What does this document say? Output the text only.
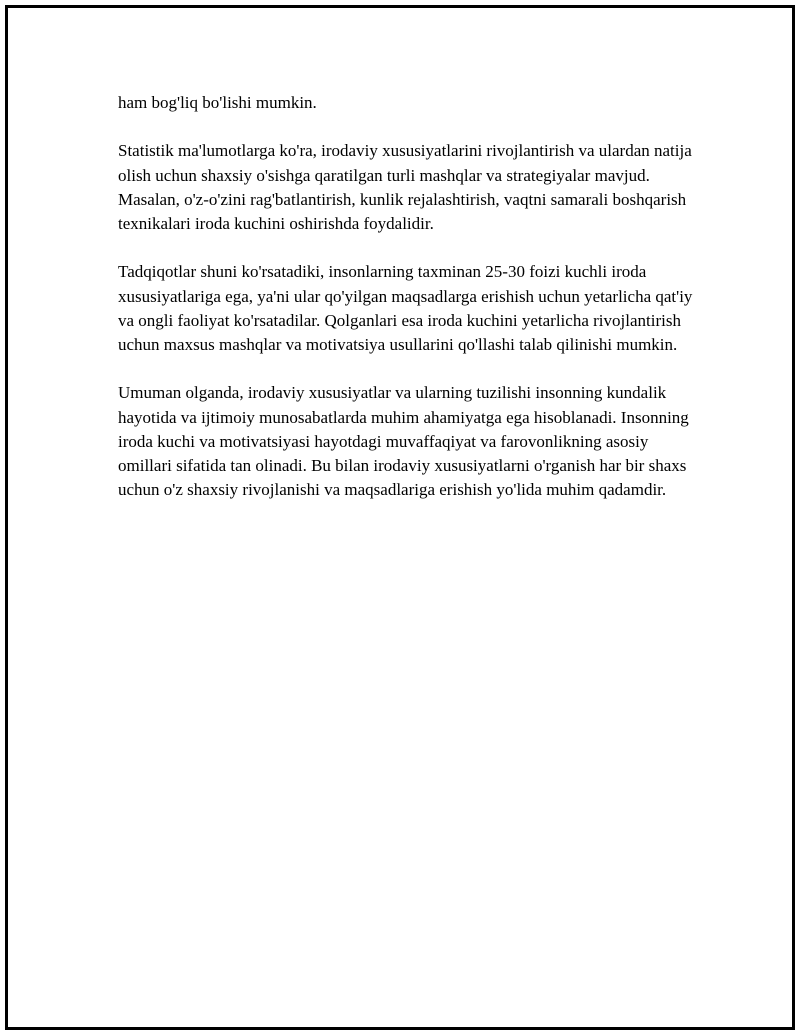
ham bog'liq bo'lishi mumkin.

Statistik ma'lumotlarga ko'ra, irodaviy xususiyatlarini rivojlantirish va ulardan natija olish uchun shaxsiy o'sishga qaratilgan turli mashqlar va strategiyalar mavjud. Masalan, o'z-o'zini rag'batlantirish, kunlik rejalashtirish, vaqtni samarali boshqarish texnikalari iroda kuchini oshirishda foydalidir.

Tadqiqotlar shuni ko'rsatadiki, insonlarning taxminan 25-30 foizi kuchli iroda xususiyatlariga ega, ya'ni ular qo'yilgan maqsadlarga erishish uchun yetarlicha qat'iy va ongli faoliyat ko'rsatadilar. Qolganlari esa iroda kuchini yetarlicha rivojlantirish uchun maxsus mashqlar va motivatsiya usullarini qo'llashi talab qilinishi mumkin.

Umuman olganda, irodaviy xususiyatlar va ularning tuzilishi insonning kundalik hayotida va ijtimoiy munosabatlarda muhim ahamiyatga ega hisoblanadi. Insonning iroda kuchi va motivatsiyasi hayotdagi muvaffaqiyat va farovonlikning asosiy omillari sifatida tan olinadi. Bu bilan irodaviy xususiyatlarni o'rganish har bir shaxs uchun o'z shaxsiy rivojlanishi va maqsadlariga erishish yo'lida muhim qadamdir.
